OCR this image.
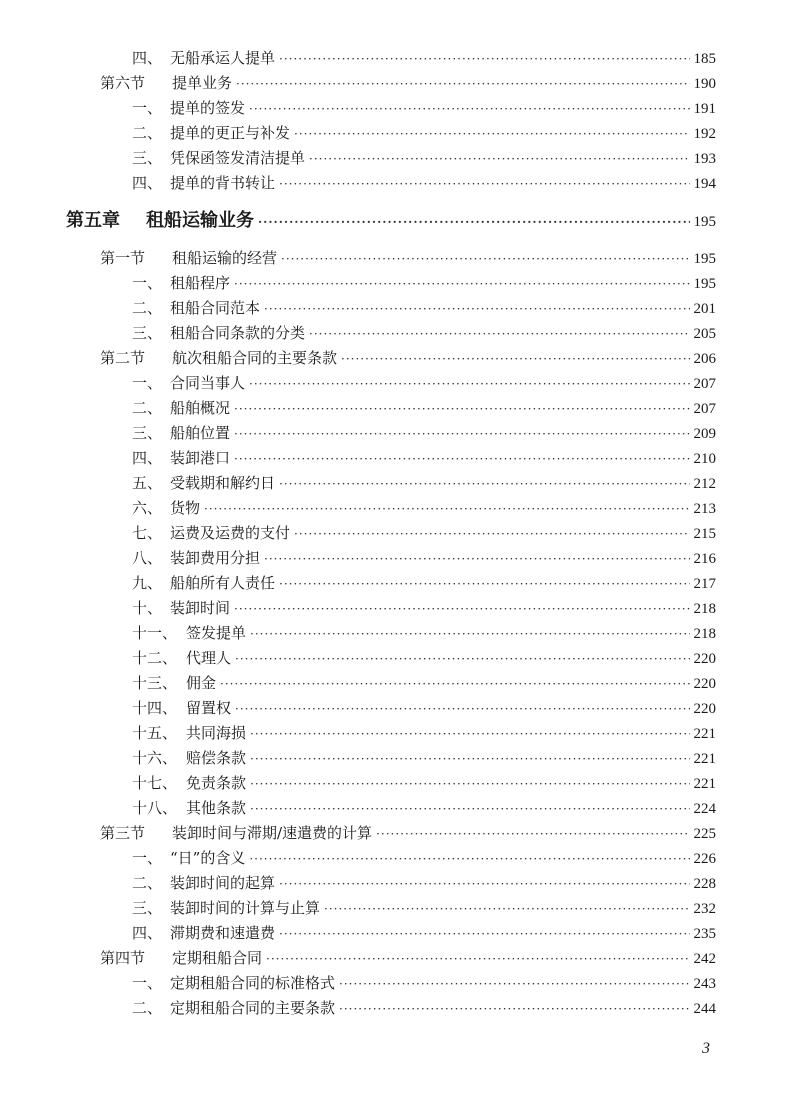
四、 无船承运人提单 ·····	185
第六节	提单业务 ·····	190
一、 提单的签发 ·····	191
二、 提单的更正与补发 ·····	192
三、 凭保函签发清洁提单 ·····	193
四、 提单的背书转让 ·····	194
第五章	租船运输业务 ·····	195
第一节	租船运输的经营 ·····	195
一、 租船程序 ·····	195
二、 租船合同范本 ·····	201
三、 租船合同条款的分类 ·····	205
第二节	航次租船合同的主要条款 ·····	206
一、 合同当事人 ·····	207
二、 船舶概况 ·····	207
三、 船舶位置 ·····	209
四、 装卸港口 ·····	210
五、 受载期和解约日 ·····	212
六、 货物 ·····	213
七、 运费及运费的支付 ·····	215
八、 装卸费用分担 ·····	216
九、 船舶所有人责任 ·····	217
十、 装卸时间 ·····	218
十一、 签发提单 ·····	218
十二、 代理人 ·····	220
十三、 佣金 ·····	220
十四、 留置权 ·····	220
十五、 共同海损 ·····	221
十六、 赔偿条款 ·····	221
十七、 免责条款 ·····	221
十八、 其他条款 ·····	224
第三节	装卸时间与滞期/速遣费的计算 ·····	225
一、 “日”的含义 ·····	226
二、 装卸时间的起算 ·····	228
三、 装卸时间的计算与止算 ·····	232
四、 滞期费和速遣费 ·····	235
第四节	定期租船合同 ·····	242
一、 定期租船合同的标准格式 ·····	243
二、 定期租船合同的主要条款 ·····	244
3
